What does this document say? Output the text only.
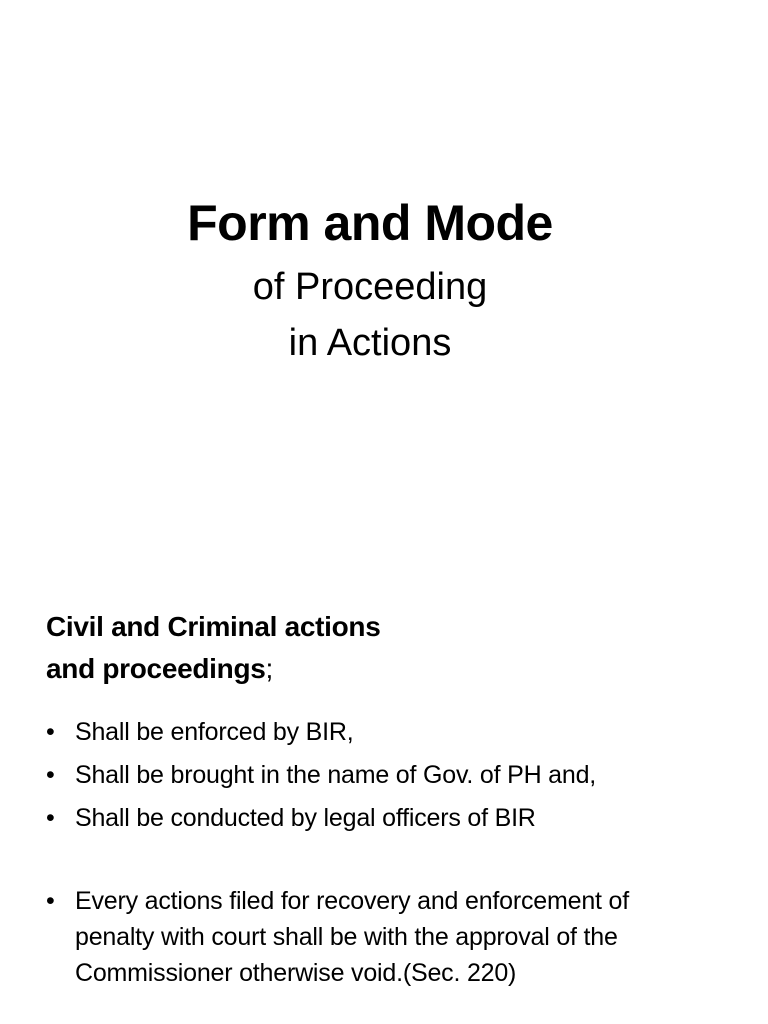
Form and Mode
of Proceeding
in Actions
Civil and Criminal actions
and proceedings;
• Shall be enforced by BIR,
• Shall be brought in the name of Gov. of PH and,
• Shall be conducted by legal officers of BIR
• Every actions filed for recovery and enforcement of
penalty with court shall be with the approval of the
Commissioner otherwise void.(Sec. 220)
